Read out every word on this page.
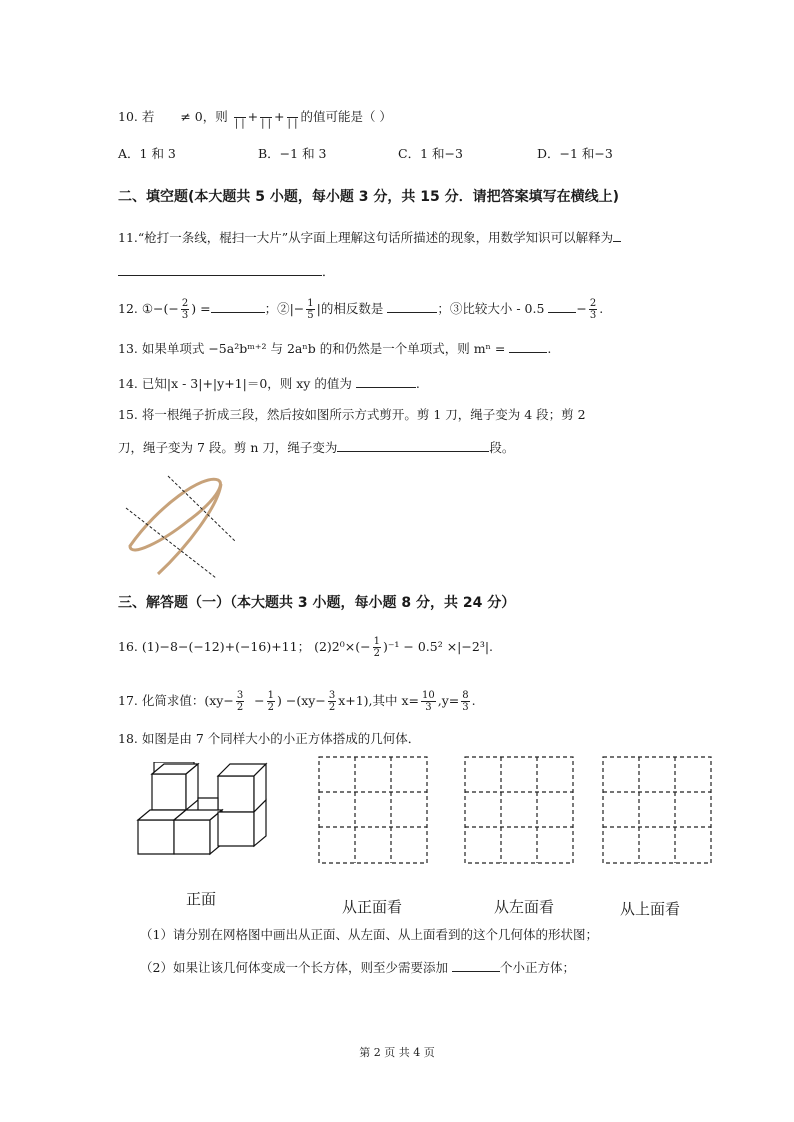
10. 若 ≠ 0，则
| | +
| | +
| | 的值可能是（ ）
A．1 和 3	B．−1 和 3	C．1 和−3	D．−1 和−3
二、填空题(本大题共 5 小题，每小题 3 分，共 15 分．请把答案填写在横线上)
11.“枪打一条线，棍扫一大片”从字面上理解这句话所描述的现象，用数学知识可以解释为
．
12. ①−(− $\frac{2}{3}$ ) =	；②|− $\frac{1}{5}$ |的相反数是	；③比较大小 - 0.5	− $\frac{2}{3}$ .
13. 如果单项式 −5a²bᵐ⁺² 与 2aⁿb 的和仍然是一个单项式，则 mⁿ =	.
14. 已知|x - 3|+|y+1|＝0，则 xy 的值为	.
15. 将一根绳子折成三段，然后按如图所示方式剪开。剪 1 刀，绳子变为 4 段；剪 2
刀，绳子变为 7 段。剪 n 刀，绳子变为	段。
三、解答题（一）（本大题共 3 小题，每小题 8 分，共 24 分）
16. (1)−8−(−12)+(−16)+11； $(2)2^0\times(- \frac{1}{2} )^{-1} - 0.5^2 \times|-2^3|$.
17. 化简求值：($xy- \frac{3}{2} - \frac{1}{2}$ ) $-(xy- \frac{3}{2} x+1)$,其中 $x= \frac{10}{3} ,y= \frac{8}{3}$ .
18. 如图是由 7 个同样大小的小正方体搭成的几何体．
正面	从正面看	从左面看	从上面看
（1）请分别在网格图中画出从正面、从左面、从上面看到的这个几何体的形状图；
（2）如果让该几何体变成一个长方体，则至少需要添加	个小正方体；
第 2 页 共 4 页
